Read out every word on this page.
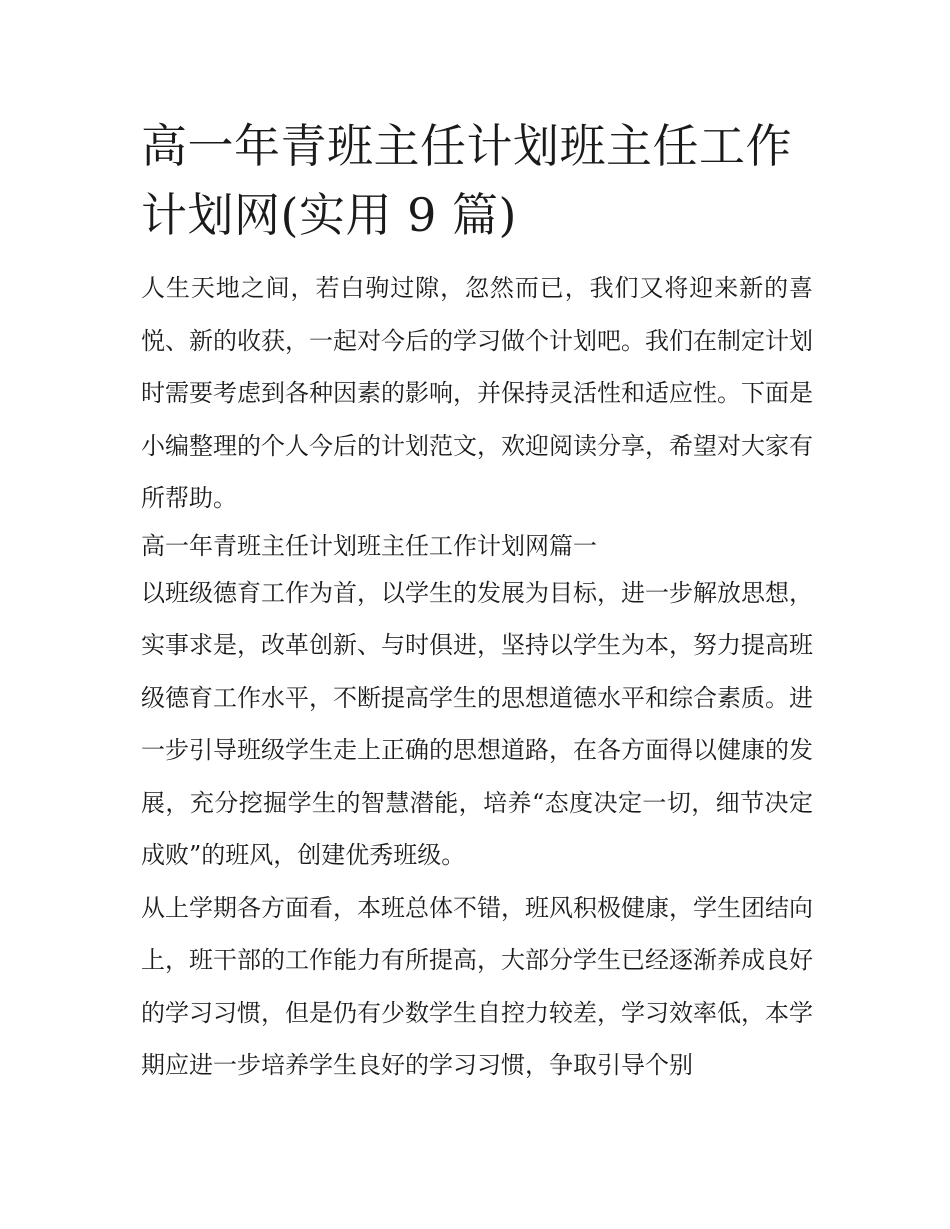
高一年青班主任计划班主任工作计划网(实用 9 篇)

人生天地之间，若白驹过隙，忽然而已，我们又将迎来新的喜悦、新的收获，一起对今后的学习做个计划吧。我们在制定计划时需要考虑到各种因素的影响，并保持灵活性和适应性。下面是小编整理的个人今后的计划范文，欢迎阅读分享，希望对大家有所帮助。

高一年青班主任计划班主任工作计划网篇一

以班级德育工作为首，以学生的发展为目标，进一步解放思想，实事求是，改革创新、与时俱进，坚持以学生为本，努力提高班级德育工作水平，不断提高学生的思想道德水平和综合素质。进一步引导班级学生走上正确的思想道路，在各方面得以健康的发展，充分挖掘学生的智慧潜能，培养“态度决定一切，细节决定成败”的班风，创建优秀班级。

从上学期各方面看，本班总体不错，班风积极健康，学生团结向上，班干部的工作能力有所提高，大部分学生已经逐渐养成良好的学习习惯，但是仍有少数学生自控力较差，学习效率低，本学期应进一步培养学生良好的学习习惯，争取引导个别
